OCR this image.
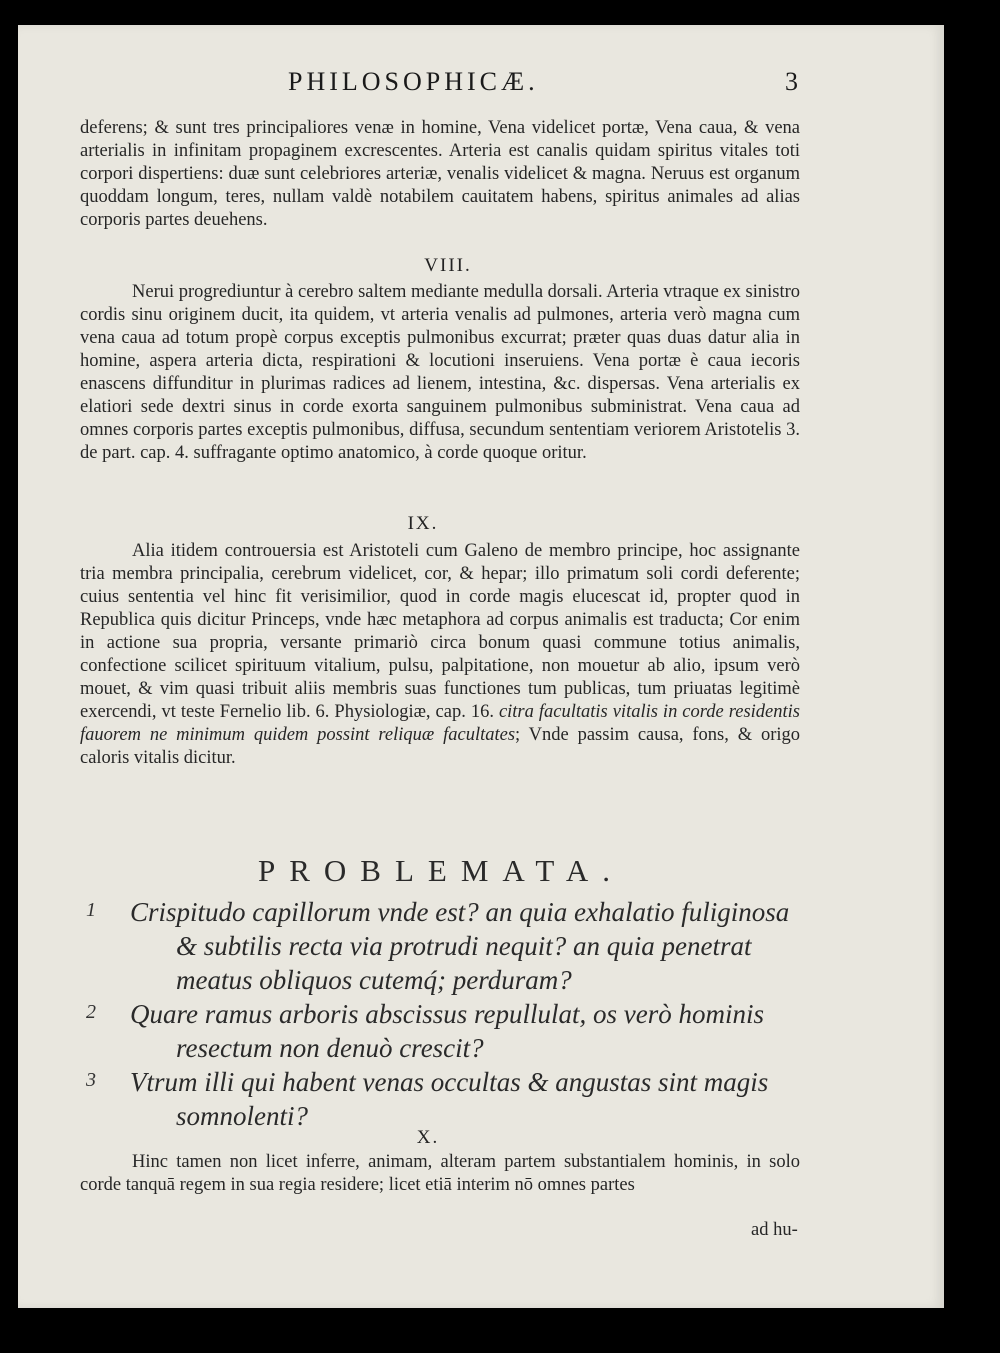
PHILOSOPHICÆ.	3

deferens; & sunt tres principaliores venæ in homine, Vena videlicet portæ, Vena caua, & vena arterialis in infinitam propaginem excrescentes. Arteria est canalis quidam spiritus vitales toti corpori dispertiens: duæ sunt celebriores arteriæ, venalis videlicet & magna. Neruus est organum quoddam longum, teres, nullam valdè notabilem cauitatem habens, spiritus animales ad alias corporis partes deuehens.

VIII.

Nerui progrediuntur à cerebro saltem mediante medulla dorsali. Arteria vtraque ex sinistro cordis sinu originem ducit, ita quidem, vt arteria venalis ad pulmones, arteria verò magna cum vena caua ad totum propè corpus exceptis pulmonibus excurrat; præter quas duas datur alia in homine, aspera arteria dicta, respirationi & locutioni inseruiens. Vena portæ è caua iecoris enascens diffunditur in plurimas radices ad lienem, intestina, &c. dispersas. Vena arterialis ex elatiori sede dextri sinus in corde exorta sanguinem pulmonibus subministrat. Vena caua ad omnes corporis partes exceptis pulmonibus, diffusa, secundum sententiam veriorem Aristotelis 3. de part. cap. 4. suffragante optimo anatomico, à corde quoque oritur.

IX.

Alia itidem controuersia est Aristoteli cum Galeno de membro principe, hoc assignante tria membra principalia, cerebrum videlicet, cor, & hepar; illo primatum soli cordi deferente; cuius sententia vel hinc fit verisimilior, quod in corde magis elucescat id, propter quod in Republica quis dicitur Princeps, vnde hæc metaphora ad corpus animalis est traducta; Cor enim in actione sua propria, versante primariò circa bonum quasi commune totius animalis, confectione scilicet spirituum vitalium, pulsu, palpitatione, non mouetur ab alio, ipsum verò mouet, & vim quasi tribuit aliis membris suas functiones tum publicas, tum priuatas legitimè exercendi, vt teste Fernelio lib. 6. Physiologiæ, cap. 16. citra facultatis vitalis in corde residentis fauorem ne minimum quidem possint reliquæ facultates; Vnde passim causa, fons, & origo caloris vitalis dicitur.

PROBLEMATA.
1 Crispitudo capillorum vnde est? an quia exhalatio fuliginosa & subtilis recta via protrudi nequit? an quia penetrat meatus obliquos cutemq́; perduram?
2 Quare ramus arboris abscissus repullulat, os verò hominis resectum non denuò crescit?
3 Vtrum illi qui habent venas occultas & angustas sint magis somnolenti?
X.

Hinc tamen non licet inferre, animam, alteram partem substantialem hominis, in solo corde tanquā regem in sua regia residere; licet etiā interim nō omnes partes

ad hu-
